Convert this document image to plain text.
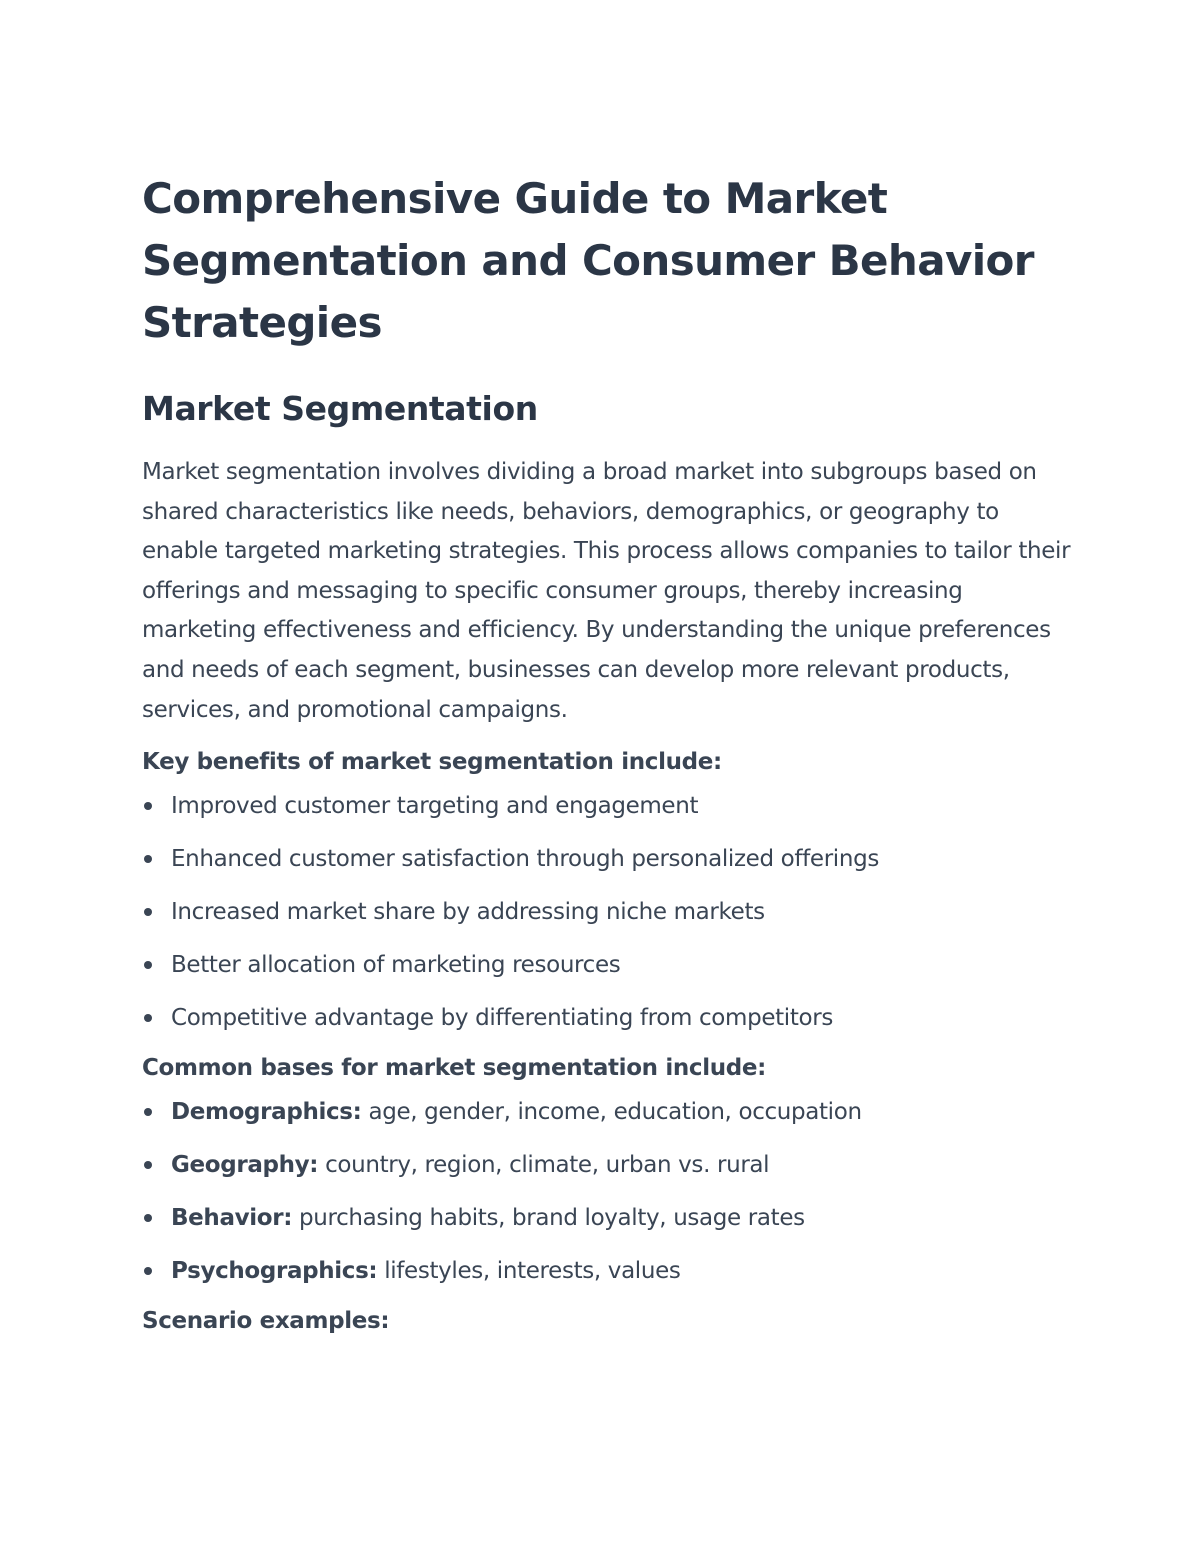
Comprehensive Guide to Market Segmentation and Consumer Behavior Strategies
Market Segmentation

Market segmentation involves dividing a broad market into subgroups based on shared characteristics like needs, behaviors, demographics, or geography to enable targeted marketing strategies. This process allows companies to tailor their offerings and messaging to specific consumer groups, thereby increasing marketing effectiveness and efficiency. By understanding the unique preferences and needs of each segment, businesses can develop more relevant products, services, and promotional campaigns.

Key benefits of market segmentation include:
Improved customer targeting and engagement
Enhanced customer satisfaction through personalized offerings
Increased market share by addressing niche markets
Better allocation of marketing resources
Competitive advantage by differentiating from competitors
Common bases for market segmentation include:
Demographics: age, gender, income, education, occupation
Geography: country, region, climate, urban vs. rural
Behavior: purchasing habits, brand loyalty, usage rates
Psychographics: lifestyles, interests, values
Scenario examples:
